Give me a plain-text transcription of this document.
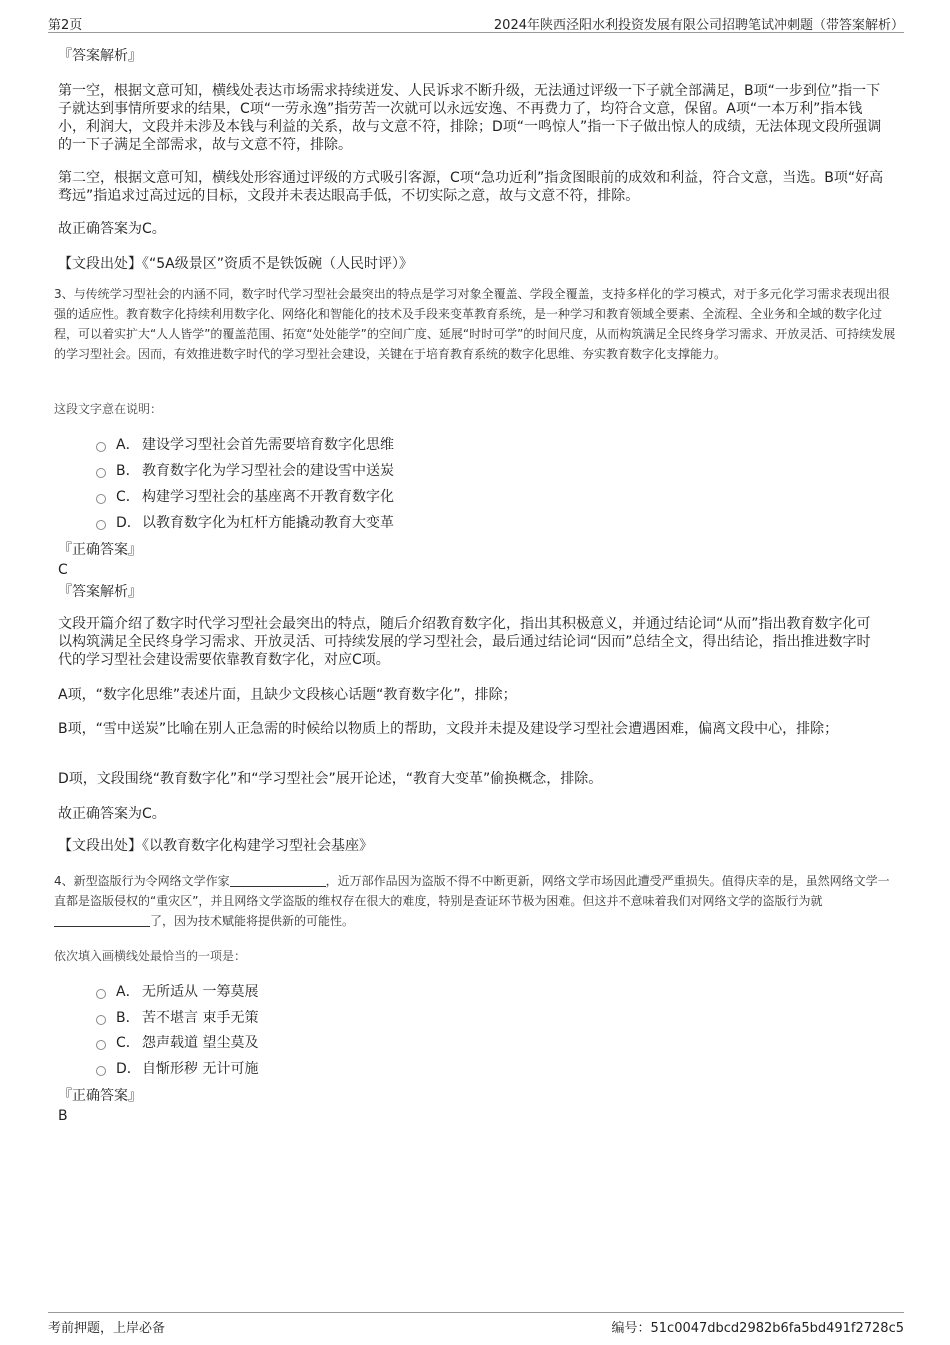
第2页	2024年陕西泾阳水利投资发展有限公司招聘笔试冲刺题（带答案解析）
『答案解析』
第一空，根据文意可知，横线处表达市场需求持续迸发、人民诉求不断升级，无法通过评级一下子就全部满足，B项“一步到位”指一下子就达到事情所要求的结果，C项“一劳永逸”指劳苦一次就可以永远安逸、不再费力了，均符合文意，保留。A项“一本万利”指本钱小，利润大，文段并未涉及本钱与利益的关系，故与文意不符，排除；D项“一鸣惊人”指一下子做出惊人的成绩，无法体现文段所强调的一下子满足全部需求，故与文意不符，排除。
第二空，根据文意可知，横线处形容通过评级的方式吸引客源，C项“急功近利”指贪图眼前的成效和利益，符合文意，当选。B项“好高骛远”指追求过高过远的目标，文段并未表达眼高手低，不切实际之意，故与文意不符，排除。
故正确答案为C。
【文段出处】《“5A级景区”资质不是铁饭碗（人民时评）》
3、与传统学习型社会的内涵不同，数字时代学习型社会最突出的特点是学习对象全覆盖、学段全覆盖，支持多样化的学习模式，对于多元化学习需求表现出很强的适应性。教育数字化持续利用数字化、网络化和智能化的技术及手段来变革教育系统，是一种学习和教育领域全要素、全流程、全业务和全域的数字化过程，可以着实扩大“人人皆学”的覆盖范围、拓宽“处处能学”的空间广度、延展“时时可学”的时间尺度，从而构筑满足全民终身学习需求、开放灵活、可持续发展的学习型社会。因而，有效推进数字时代的学习型社会建设，关键在于培育教育系统的数字化思维、夯实教育数字化支撑能力。
这段文字意在说明：
A． 建设学习型社会首先需要培育数字化思维
B． 教育数字化为学习型社会的建设雪中送炭
C． 构建学习型社会的基座离不开教育数字化
D．以教育数字化为杠杆方能撬动教育大变革
『正确答案』
C
『答案解析』
文段开篇介绍了数字时代学习型社会最突出的特点，随后介绍教育数字化，指出其积极意义，并通过结论词“从而”指出教育数字化可以构筑满足全民终身学习需求、开放灵活、可持续发展的学习型社会，最后通过结论词“因而”总结全文，得出结论，指出推进数字时代的学习型社会建设需要依靠教育数字化，对应C项。
A项，“数字化思维”表述片面，且缺少文段核心话题“教育数字化”，排除；
B项，“雪中送炭”比喻在别人正急需的时候给以物质上的帮助，文段并未提及建设学习型社会遭遇困难，偏离文段中心，排除；
D项，文段围绕“教育数字化”和“学习型社会”展开论述，“教育大变革”偷换概念，排除。
故正确答案为C。
【文段出处】《以教育数字化构建学习型社会基座》
4、新型盗版行为令网络文学作家	，近万部作品因为盗版不得不中断更新，网络文学市场因此遭受严重损失。值得庆幸的是，虽然网络文学一直都是盗版侵权的“重灾区”，并且网络文学盗版的维权存在很大的难度，特别是查证环节极为困难。但这并不意味着我们对网络文学的盗版行为就了，因为技术赋能将提供新的可能性。
依次填入画横线处最恰当的一项是：
A． 无所适从 一筹莫展
B． 苦不堪言 束手无策
C． 怨声载道 望尘莫及
D．自惭形秽 无计可施
『正确答案』
B
考前押题，上岸必备	编号：51c0047dbcd2982b6fa5bd491f2728c5
